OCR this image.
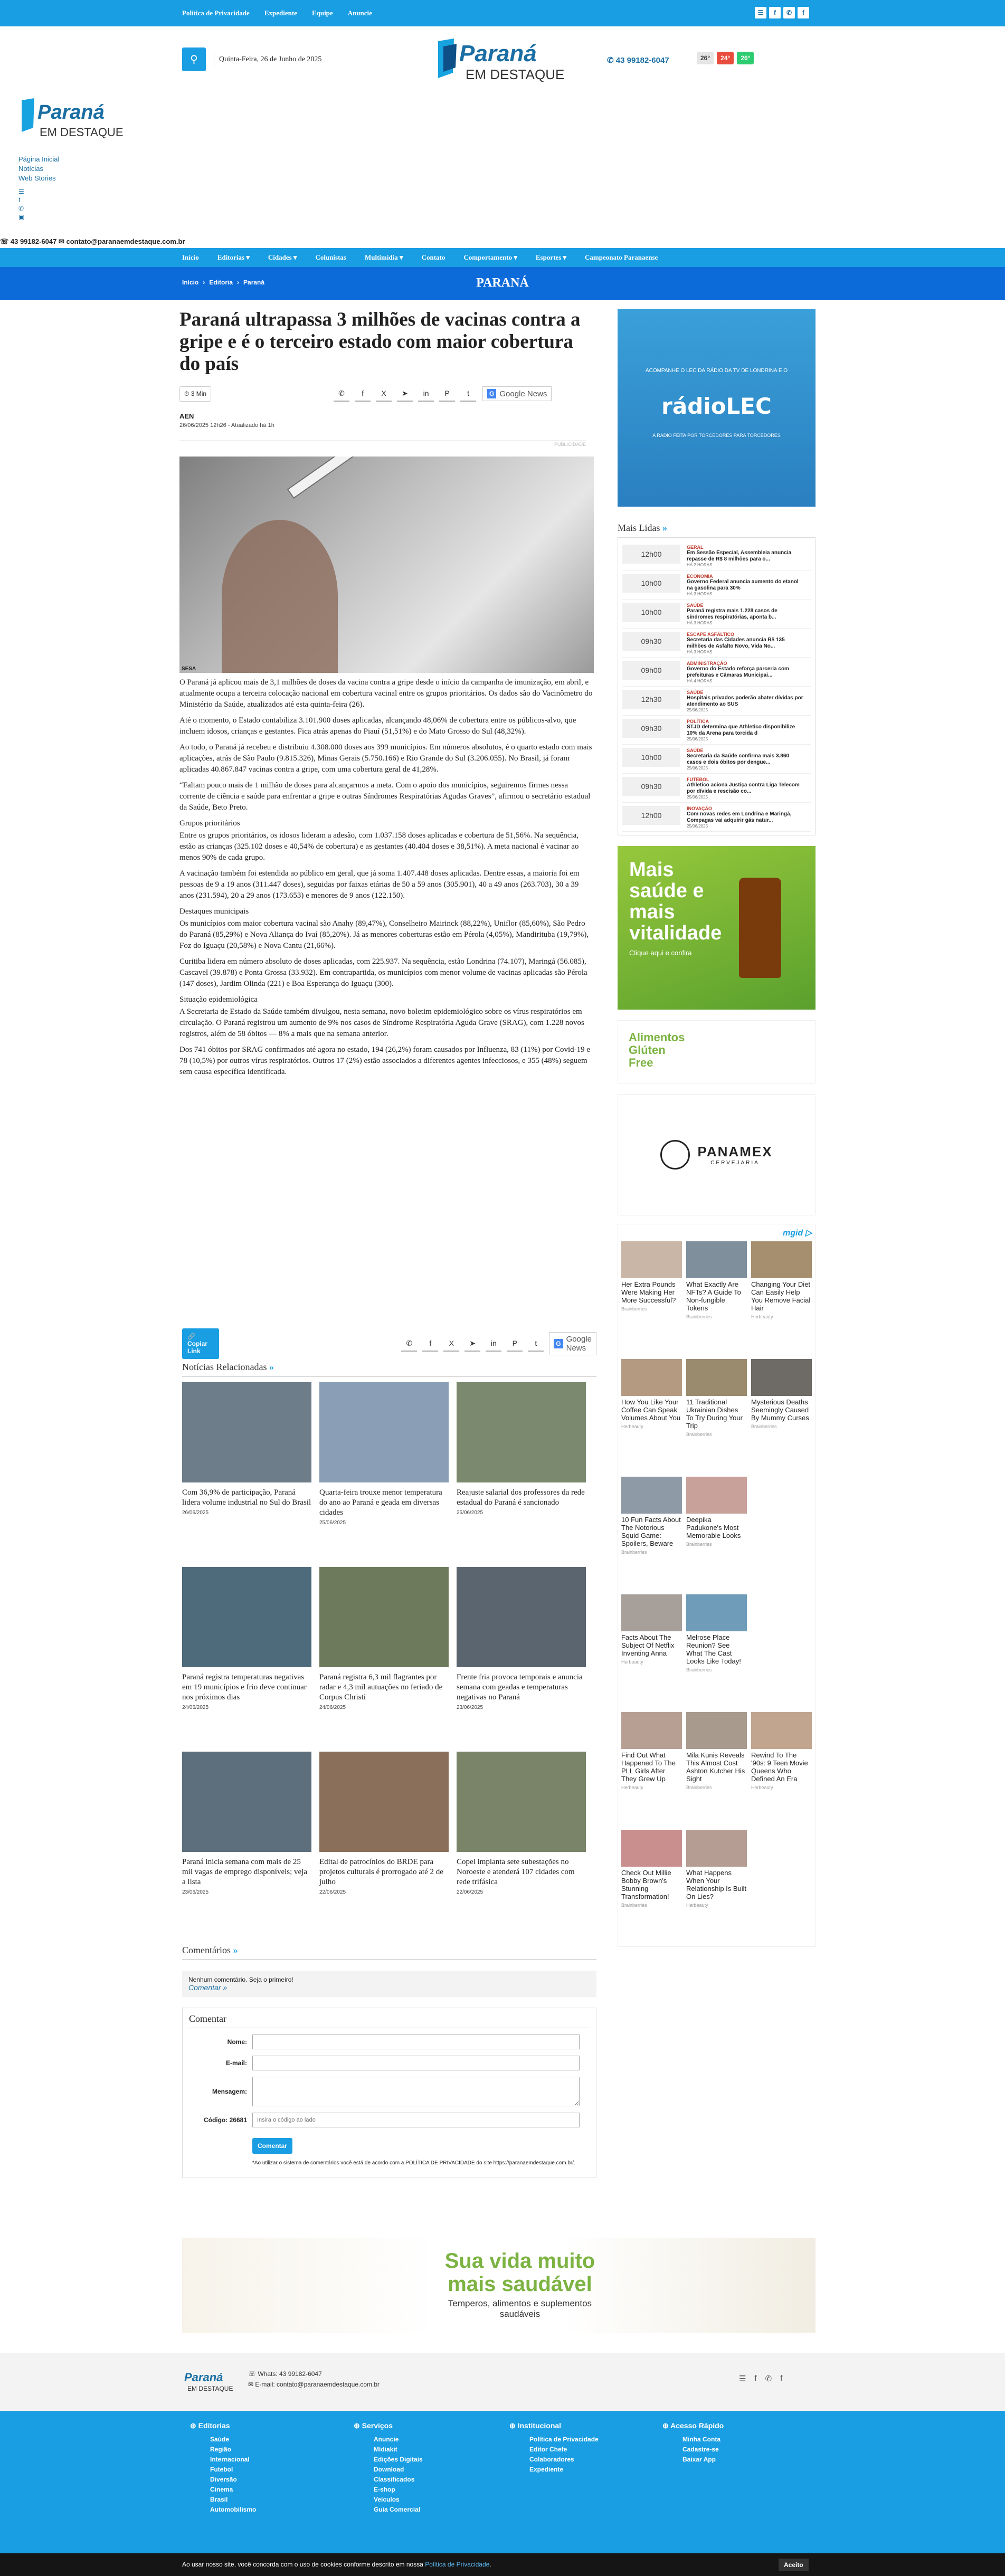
Política de Privacidade Expediente Equipe Anuncie	☰	f	✆	f
⚲	Quinta-Feira, 26 de Junho de 2025	Paraná
EM DESTAQUE
✆ 43 99182-6047	26°	24°	26°
Paraná
EM DESTAQUE
Página Inicial
Notícias
Web Stories
☰
f
✆
▣
☏ 43 99182-6047 ✉ contato@paranaemdestaque.com.br
Início	Editorias ▾	Cidades ▾	Colunistas	Multimídia ▾	Contato	Comportamento ▾	Esportes ▾	Campeonato Paranaense
Início › Editoria › Paraná	PARANÁ
Paraná ultrapassa 3 milhões de vacinas contra a gripe e é o terceiro estado com maior cobertura do país
⏱ 3 Min	✆	f	X	➤	in	P	t	G Google News
AEN
26/06/2025 12h26 - Atualizado há 1h
PUBLICIDADE
SESA

O Paraná já aplicou mais de 3,1 milhões de doses da vacina contra a gripe desde o início da campanha de imunização, em abril, e atualmente ocupa a terceira colocação nacional em cobertura vacinal entre os grupos prioritários. Os dados são do Vacinômetro do Ministério da Saúde, atualizados até esta quinta-feira (26).

Até o momento, o Estado contabiliza 3.101.900 doses aplicadas, alcançando 48,06% de cobertura entre os públicos-alvo, que incluem idosos, crianças e gestantes. Fica atrás apenas do Piauí (51,51%) e do Mato Grosso do Sul (48,32%).

Ao todo, o Paraná já recebeu e distribuiu 4.308.000 doses aos 399 municípios. Em números absolutos, é o quarto estado com mais aplicações, atrás de São Paulo (9.815.326), Minas Gerais (5.750.166) e Rio Grande do Sul (3.206.055). No Brasil, já foram aplicadas 40.867.847 vacinas contra a gripe, com uma cobertura geral de 41,28%.

“Faltam pouco mais de 1 milhão de doses para alcançarmos a meta. Com o apoio dos municípios, seguiremos firmes nessa corrente de ciência e saúde para enfrentar a gripe e outras Síndromes Respiratórias Agudas Graves”, afirmou o secretário estadual da Saúde, Beto Preto.

Grupos prioritários

Entre os grupos prioritários, os idosos lideram a adesão, com 1.037.158 doses aplicadas e cobertura de 51,56%. Na sequência, estão as crianças (325.102 doses e 40,54% de cobertura) e as gestantes (40.404 doses e 38,51%). A meta nacional é vacinar ao menos 90% de cada grupo.

A vacinação também foi estendida ao público em geral, que já soma 1.407.448 doses aplicadas. Dentre essas, a maioria foi em pessoas de 9 a 19 anos (311.447 doses), seguidas por faixas etárias de 50 a 59 anos (305.901), 40 a 49 anos (263.703), 30 a 39 anos (231.594), 20 a 29 anos (173.653) e menores de 9 anos (122.150).

Destaques municipais

Os municípios com maior cobertura vacinal são Anahy (89,47%), Conselheiro Mairinck (88,22%), Uniflor (85,60%), São Pedro do Paraná (85,29%) e Nova Aliança do Ivaí (85,20%). Já as menores coberturas estão em Pérola (4,05%), Mandirituba (19,79%), Foz do Iguaçu (20,58%) e Nova Cantu (21,66%).

Curitiba lidera em número absoluto de doses aplicadas, com 225.937. Na sequência, estão Londrina (74.107), Maringá (56.085), Cascavel (39.878) e Ponta Grossa (33.932). Em contrapartida, os municípios com menor volume de vacinas aplicadas são Pérola (147 doses), Jardim Olinda (221) e Boa Esperança do Iguaçu (300).

Situação epidemiológica

A Secretaria de Estado da Saúde também divulgou, nesta semana, novo boletim epidemiológico sobre os vírus respiratórios em circulação. O Paraná registrou um aumento de 9% nos casos de Síndrome Respiratória Aguda Grave (SRAG), com 1.228 novos registros, além de 58 óbitos — 8% a mais que na semana anterior.

Dos 741 óbitos por SRAG confirmados até agora no estado, 194 (26,2%) foram causados por Influenza, 83 (11%) por Covid-19 e 78 (10,5%) por outros vírus respiratórios. Outros 17 (2%) estão associados a diferentes agentes infecciosos, e 355 (48%) seguem sem causa específica identificada.

🔗 Copiar Link
✆	f	X	➤	in	P	t	G Google News
Notícias Relacionadas »
Com 36,9% de participação, Paraná lidera volume industrial no Sul do Brasil
26/06/2025
Quarta-feira trouxe menor temperatura do ano ao Paraná e geada em diversas cidades
25/06/2025
Reajuste salarial dos professores da rede estadual do Paraná é sancionado
25/06/2025
Paraná registra temperaturas negativas em 19 municípios e frio deve continuar nos próximos dias
24/06/2025
Paraná registra 6,3 mil flagrantes por radar e 4,3 mil autuações no feriado de Corpus Christi
24/06/2025
Frente fria provoca temporais e anuncia semana com geadas e temperaturas negativas no Paraná
23/06/2025
Paraná inicia semana com mais de 25 mil vagas de emprego disponíveis; veja a lista
23/06/2025
Edital de patrocínios do BRDE para projetos culturais é prorrogado até 2 de julho
22/06/2025
Copel implanta sete subestações no Noroeste e atenderá 107 cidades com rede trifásica
22/06/2025
Comentários »
Nenhum comentário. Seja o primeiro!
Comentar »
Comentar
Nome:
E-mail:
Mensagem:
Código: 26681
Insira o código ao lado
Comentar
*Ao utilizar o sistema de comentários você está de acordo com a POLÍTICA DE PRIVACIDADE do site https://paranaemdestaque.com.br/.
ACOMPANHE O LEC DA RÁDIO DA TV DE LONDRINA E O
rádioLEC
A RÁDIO FEITA POR TORCEDORES PARA TORCEDORES
Mais Lidas »
12h00
GERAL
Em Sessão Especial, Assembleia anuncia repasse de R$ 8 milhões para o...
HÁ 2 HORAS
10h00
ECONOMIA
Governo Federal anuncia aumento do etanol na gasolina para 30%
HÁ 3 HORAS
10h00
SAÚDE
Paraná registra mais 1.228 casos de síndromes respiratórias, aponta b...
HÁ 3 HORAS
09h30
ESCAPE ASFÁLTICO
Secretaria das Cidades anuncia R$ 135 milhões de Asfalto Novo, Vida No...
HÁ 3 HORAS
09h00
ADMINISTRAÇÃO
Governo do Estado reforça parceria com prefeituras e Câmaras Municipai...
HÁ 4 HORAS
12h30
SAÚDE
Hospitais privados poderão abater dívidas por atendimento ao SUS
25/06/2025
09h30
POLÍTICA
STJD determina que Athletico disponibilize 10% da Arena para torcida d
25/06/2025
10h00
SAÚDE
Secretaria da Saúde confirma mais 3.860 casos e dois óbitos por dengue...
25/06/2025
09h30
FUTEBOL
Athletico aciona Justiça contra Liga Telecom por dívida e rescisão co...
25/06/2025
12h00
INOVAÇÃO
Com novas redes em Londrina e Maringá, Compagas vai adquirir gás natur...
25/06/2025
Mais saúde e mais vitalidade
Clique aqui e confira
Alimentos Glúten Free
PANAMEX
CERVEJARIA
mgid ▷
Her Extra Pounds Were Making Her More Successful?
Brainberries
What Exactly Are NFTs? A Guide To Non-fungible Tokens
Brainberries
Changing Your Diet Can Easily Help You Remove Facial Hair
Herbeauty
How You Like Your Coffee Can Speak Volumes About You
Herbeauty
11 Traditional Ukrainian Dishes To Try During Your Trip
Brainberries
Mysterious Deaths Seemingly Caused By Mummy Curses
Brainberries
10 Fun Facts About The Notorious Squid Game: Spoilers, Beware
Brainberries
Deepika Padukone's Most Memorable Looks
Brainberries
Facts About The Subject Of Netflix Inventing Anna
Herbeauty
Melrose Place Reunion? See What The Cast Looks Like Today!
Brainberries
Find Out What Happened To The PLL Girls After They Grew Up
Herbeauty
Mila Kunis Reveals This Almost Cost Ashton Kutcher His Sight
Brainberries
Rewind To The '90s: 9 Teen Movie Queens Who Defined An Era
Herbeauty
Check Out Millie Bobby Brown's Stunning Transformation!
Brainberries
What Happens When Your Relationship Is Built On Lies?
Herbeauty
Sua vida muito mais saudável
Temperos, alimentos e suplementos saudáveis
Paraná
EM DESTAQUE
☏ Whats: 43 99182-6047
✉ E-mail: contato@paranaemdestaque.com.br
☰ f ✆ f
⊕ Editorias
Saúde
Região
Internacional
Futebol
Diversão
Cinema
Brasil
Automobilismo
⊕ Serviços
Anuncie
Mídiakit
Edições Digitais
Download
Classificados
E-shop
Veículos
Guia Comercial
⊕ Institucional
Política de Privacidade
Editor Chefe
Colaboradores
Expediente
⊕ Acesso Rápido
Minha Conta
Cadastre-se
Baixar App
Ao usar nosso site, você concorda com o uso de cookies conforme descrito em nossa Política de Privacidade.	Aceito
